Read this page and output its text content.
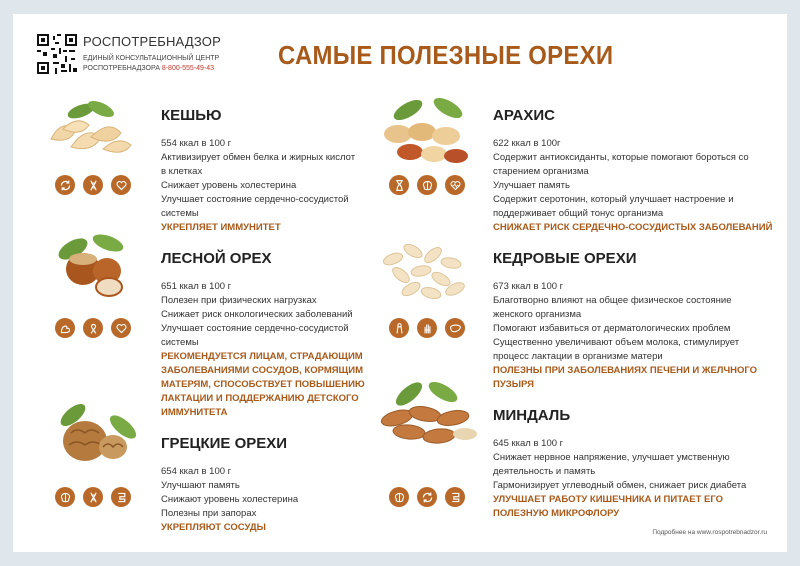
РОСПОТРЕБНАДЗОР
ЕДИНЫЙ КОНСУЛЬТАЦИОННЫЙ ЦЕНТР
РОСПОТРЕБНАДЗОРА 8-800-555-49-43 САМЫЕ ПОЛЕЗНЫЕ ОРЕХИ
КЕШЬЮ
554 ккал в 100 г
Активизирует обмен белка и жирных кислот
в клетках
Снижает уровень холестерина
Улучшает состояние сердечно-сосудистой
системы
УКРЕПЛЯЕТ ИММУНИТЕТ
ЛЕСНОЙ ОРЕХ
651 ккал в 100 г
Полезен при физических нагрузках
Снижает риск онкологических заболеваний
Улучшает состояние сердечно-сосудистой
системы
РЕКОМЕНДУЕТСЯ ЛИЦАМ, СТРАДАЮЩИМ
ЗАБОЛЕВАНИЯМИ СОСУДОВ, КОРМЯЩИМ
МАТЕРЯМ, СПОСОБСТВУЕТ ПОВЫШЕНИЮ
ЛАКТАЦИИ И ПОДДЕРЖАНИЮ ДЕТСКОГО
ИММУНИТЕТА
ГРЕЦКИЕ ОРЕХИ
654 ккал в 100 г
Улучшают память
Снижают уровень холестерина
Полезны при запорах
УКРЕПЛЯЮТ СОСУДЫ
АРАХИС
622 ккал в 100г
Содержит антиоксиданты, которые помогают бороться со
старением организма
Улучшает память
Содержит серотонин, который улучшает настроение и
поддерживает общий тонус организма
СНИЖАЕТ РИСК СЕРДЕЧНО-СОСУДИСТЫХ ЗАБОЛЕВАНИЙ
КЕДРОВЫЕ ОРЕХИ
673 ккал в 100 г
Благотворно влияют на общее физическое состояние
женского организма
Помогают избавиться от дерматологических проблем
Существенно увеличивают объем молока, стимулирует
процесс лактации в организме матери
ПОЛЕЗНЫ ПРИ ЗАБОЛЕВАНИЯХ ПЕЧЕНИ И ЖЕЛЧНОГО
ПУЗЫРЯ
МИНДАЛЬ
645 ккал в 100 г
Снижает нервное напряжение, улучшает умственную
деятельность и память
Гармонизирует углеводный обмен, снижает риск диабета
УЛУЧШАЕТ РАБОТУ КИШЕЧНИКА И ПИТАЕТ ЕГО
ПОЛЕЗНУЮ МИКРОФЛОРУ
Подробнее на www.rospotrebnadzor.ru
